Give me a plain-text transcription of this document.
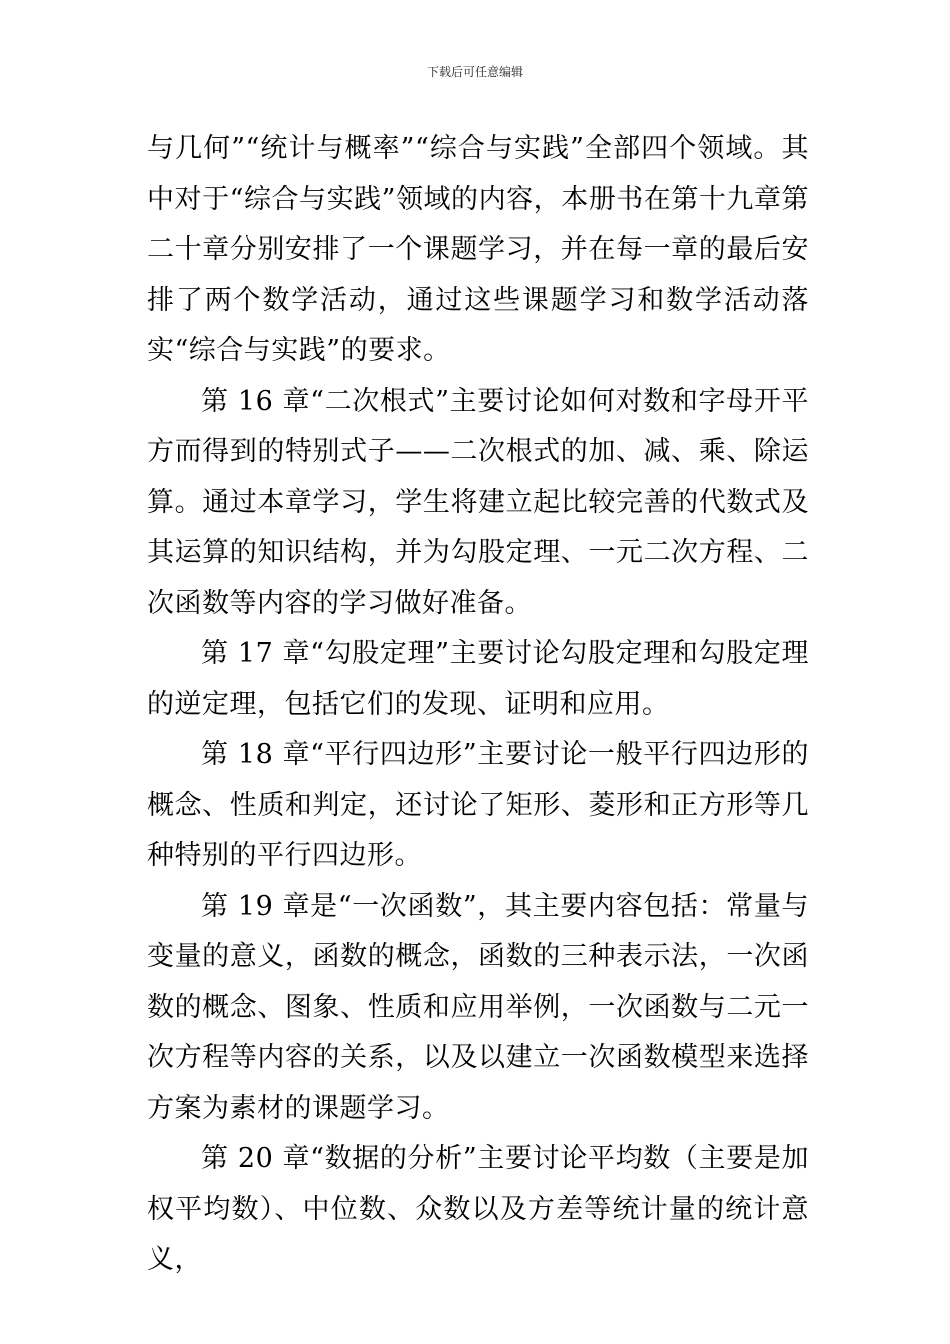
下载后可任意编辑

与几何”“统计与概率”“综合与实践”全部四个领域。其中对于“综合与实践”领域的内容，本册书在第十九章第二十章分别安排了一个课题学习，并在每一章的最后安排了两个数学活动，通过这些课题学习和数学活动落实“综合与实践”的要求。

第 16 章“二次根式”主要讨论如何对数和字母开平方而得到的特别式子——二次根式的加、减、乘、除运算。通过本章学习，学生将建立起比较完善的代数式及其运算的知识结构，并为勾股定理、一元二次方程、二次函数等内容的学习做好准备。

第 17 章“勾股定理”主要讨论勾股定理和勾股定理的逆定理，包括它们的发现、证明和应用。

第 18 章“平行四边形”主要讨论一般平行四边形的概念、性质和判定，还讨论了矩形、菱形和正方形等几种特别的平行四边形。

第 19 章是“一次函数”，其主要内容包括：常量与变量的意义，函数的概念，函数的三种表示法，一次函数的概念、图象、性质和应用举例，一次函数与二元一次方程等内容的关系，以及以建立一次函数模型来选择方案为素材的课题学习。

第 20 章“数据的分析”主要讨论平均数（主要是加权平均数）、中位数、众数以及方差等统计量的统计意义，
